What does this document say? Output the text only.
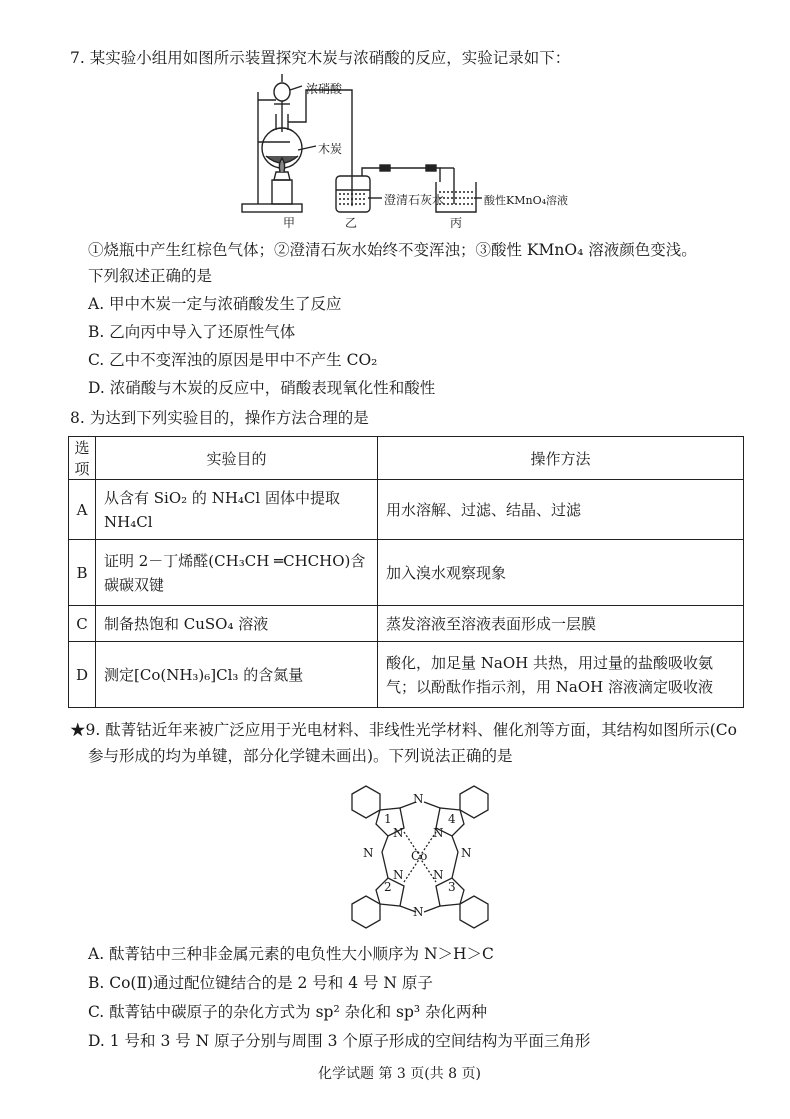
7. 某实验小组用如图所示装置探究木炭与浓硝酸的反应，实验记录如下：
浓硝酸
木炭
澄清石灰水	酸性KMnO₄溶液
甲	乙	丙
①烧瓶中产生红棕色气体；②澄清石灰水始终不变浑浊；③酸性 KMnO₄ 溶液颜色变浅。
下列叙述正确的是
A. 甲中木炭一定与浓硝酸发生了反应
B. 乙向丙中导入了还原性气体
C. 乙中不变浑浊的原因是甲中不产生 CO₂
D. 浓硝酸与木炭的反应中，硝酸表现氧化性和酸性
8. 为达到下列实验目的，操作方法合理的是
选项	实验目的	操作方法
A	从含有 SiO₂ 的 NH₄Cl 固体中提取 NH₄Cl	用水溶解、过滤、结晶、过滤
B	证明 2－丁烯醛(CH₃CH ═CHCHO)含碳碳双键	加入溴水观察现象
C	制备热饱和 CuSO₄ 溶液	蒸发溶液至溶液表面形成一层膜
D	测定[Co(NH₃)₆]Cl₃ 的含氮量	酸化，加足量 NaOH 共热，用过量的盐酸吸收氨气；以酚酞作指示剂，用 NaOH 溶液滴定吸收液
★9. 酞菁钴近年来被广泛应用于光电材料、非线性光学材料、催化剂等方面，其结构如图所示(Co
参与形成的均为单键，部分化学键未画出)。下列说法正确的是
N
N
N	N
N N
N N
1	4
2	3
Co
A. 酞菁钴中三种非金属元素的电负性大小顺序为 N＞H＞C
B. Co(Ⅱ)通过配位键结合的是 2 号和 4 号 N 原子
C. 酞菁钴中碳原子的杂化方式为 sp² 杂化和 sp³ 杂化两种
D. 1 号和 3 号 N 原子分别与周围 3 个原子形成的空间结构为平面三角形
化学试题 第 3 页(共 8 页)
